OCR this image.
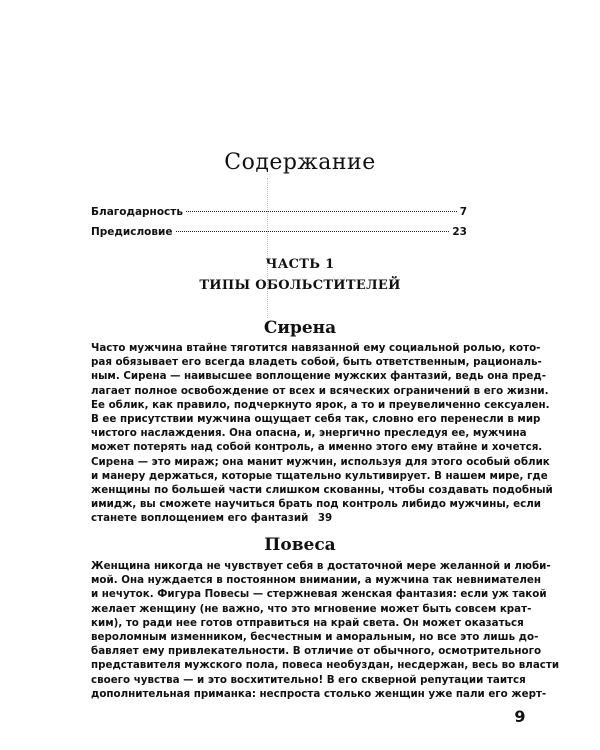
Содержание
Благодарность	7
Предисловие	23
ЧАСТЬ 1
ТИПЫ ОБОЛЬСТИТЕЛЕЙ
Сирена
Часто мужчина втайне тяготится навязанной ему социальной ролью, кото-
рая обязывает его всегда владеть собой, быть ответственным, рациональ-
ным. Сирена — наивысшее воплощение мужских фантазий, ведь она пред-
лагает полное освобождение от всех и всяческих ограничений в его жизни.
Ее облик, как правило, подчеркнуто ярок, а то и преувеличенно сексуален.
В ее присутствии мужчина ощущает себя так, словно его перенесли в мир
чистого наслаждения. Она опасна, и, энергично преследуя ее, мужчина
может потерять над собой контроль, а именно этого ему втайне и хочется.
Сирена — это мираж; она манит мужчин, используя для этого особый облик
и манеру держаться, которые тщательно культивирует. В нашем мире, где
женщины по большей части слишком скованны, чтобы создавать подобный
имидж, вы сможете научиться брать под контроль либидо мужчины, если
станете воплощением его фантазий 39
Повеса
Женщина никогда не чувствует себя в достаточной мере желанной и люби-
мой. Она нуждается в постоянном внимании, а мужчина так невнимателен
и нечуток. Фигура Повесы — стержневая женская фантазия: если уж такой
желает женщину (не важно, что это мгновение может быть совсем крат-
ким), то ради нее готов отправиться на край света. Он может оказаться
вероломным изменником, бесчестным и аморальным, но все это лишь до-
бавляет ему привлекательности. В отличие от обычного, осмотрительного
представителя мужского пола, повеса необуздан, несдержан, весь во власти
своего чувства — и это восхитительно! В его скверной репутации таится
дополнительная приманка: неспроста столько женщин уже пали его жерт-
9
